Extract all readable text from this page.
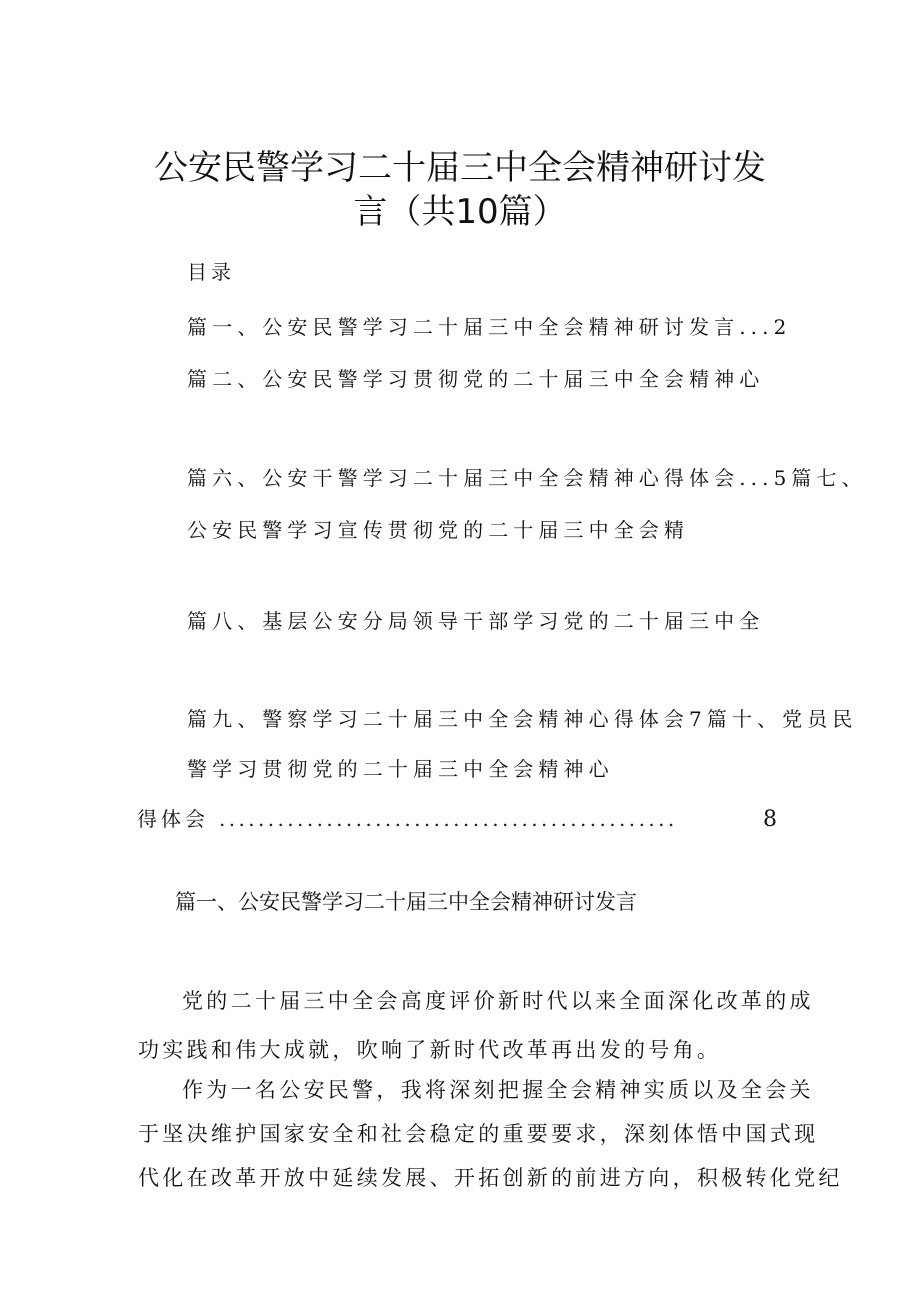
公安民警学习二十届三中全会精神研讨发
言（共10篇）
目录
篇一、公安民警学习二十届三中全会精神研讨发言...2
篇二、公安民警学习贯彻党的二十届三中全会精神心
篇六、公安干警学习二十届三中全会精神心得体会...5篇七、
公安民警学习宣传贯彻党的二十届三中全会精
篇八、基层公安分局领导干部学习党的二十届三中全
篇九、警察学习二十届三中全会精神心得体会7篇十、党员民
警学习贯彻党的二十届三中全会精神心
得体会 ...............................................	8
篇一、公安民警学习二十届三中全会精神研讨发言
党的二十届三中全会高度评价新时代以来全面深化改革的成
功实践和伟大成就，吹响了新时代改革再出发的号角。
作为一名公安民警，我将深刻把握全会精神实质以及全会关
于坚决维护国家安全和社会稳定的重要要求，深刻体悟中国式现
代化在改革开放中延续发展、开拓创新的前进方向，积极转化党纪
